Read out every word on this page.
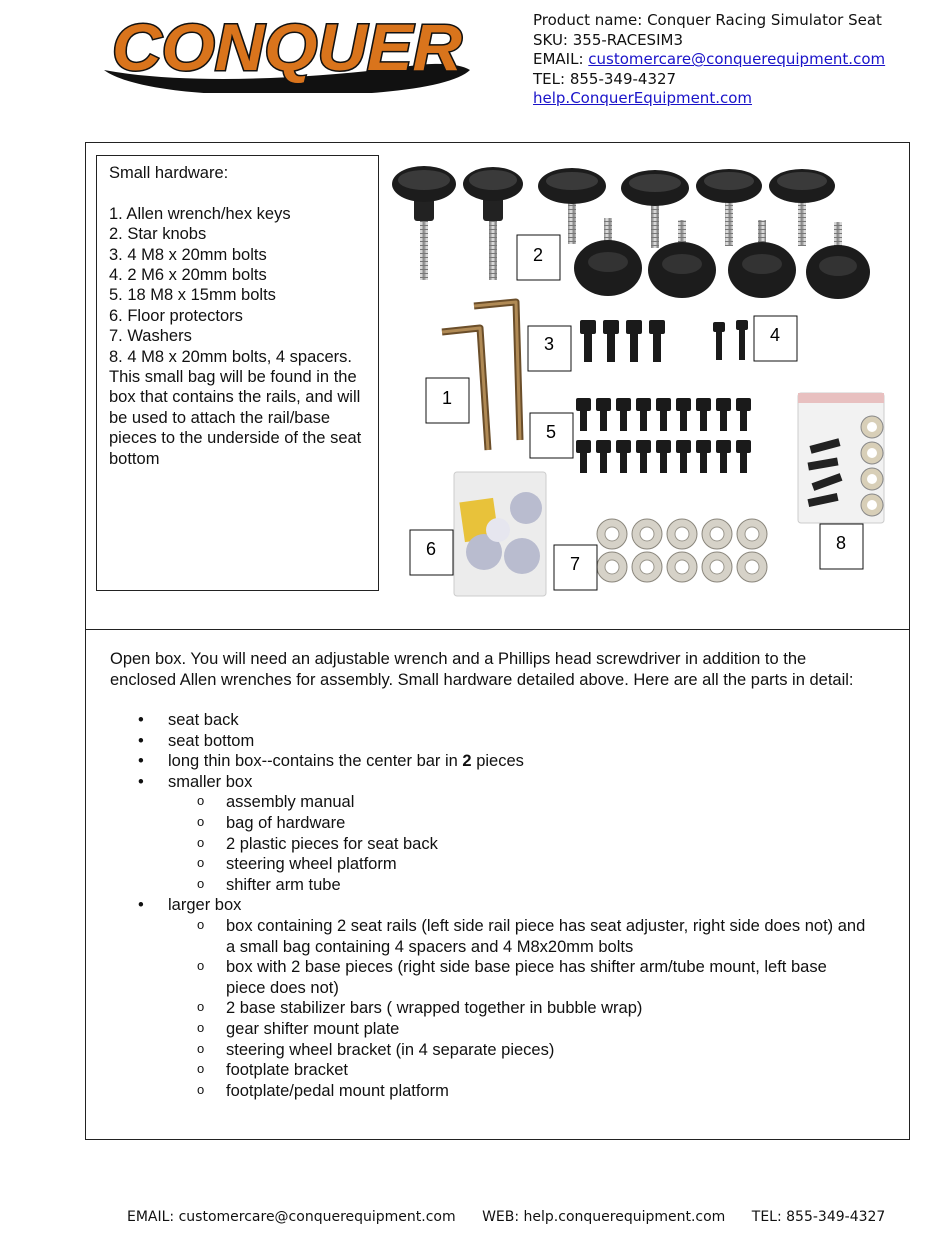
CONQUER	Product name: Conquer Racing Simulator Seat
SKU: 355-RACESIM3
EMAIL: customercare@conquerequipment.com
TEL: 855-349-4327
help.ConquerEquipment.com

Small hardware:

1. Allen wrench/hex keys

2. Star knobs

3. 4 M8 x 20mm bolts

4. 2 M6 x 20mm bolts

5. 18 M8 x 15mm bolts

6. Floor protectors

7. Washers

8. 4 M8 x 20mm bolts, 4 spacers. This small bag will be found in the box that contains the rails, and will be used to attach the rail/base pieces to the underside of the seat bottom

1
2
3	4
5
6
7
8

Open box. You will need an adjustable wrench and a Phillips head screwdriver in addition to the enclosed Allen wrenches for assembly. Small hardware detailed above. Here are all the parts in detail:

• seat back
• seat bottom
• long thin box--contains the center bar in 2 pieces
• smaller box
o assembly manual
o bag of hardware
o 2 plastic pieces for seat back
o steering wheel platform
o shifter arm tube
• larger box
o box containing 2 seat rails (left side rail piece has seat adjuster, right side does not) and a small bag containing 4 spacers and 4 M8x20mm bolts
o box with 2 base pieces (right side base piece has shifter arm/tube mount, left base piece does not)
o 2 base stabilizer bars ( wrapped together in bubble wrap)
o gear shifter mount plate
o steering wheel bracket (in 4 separate pieces)
o footplate bracket
o footplate/pedal mount platform
EMAIL: customercare@conquerequipment.com WEB: help.conquerequipment.com TEL: 855-349-4327
